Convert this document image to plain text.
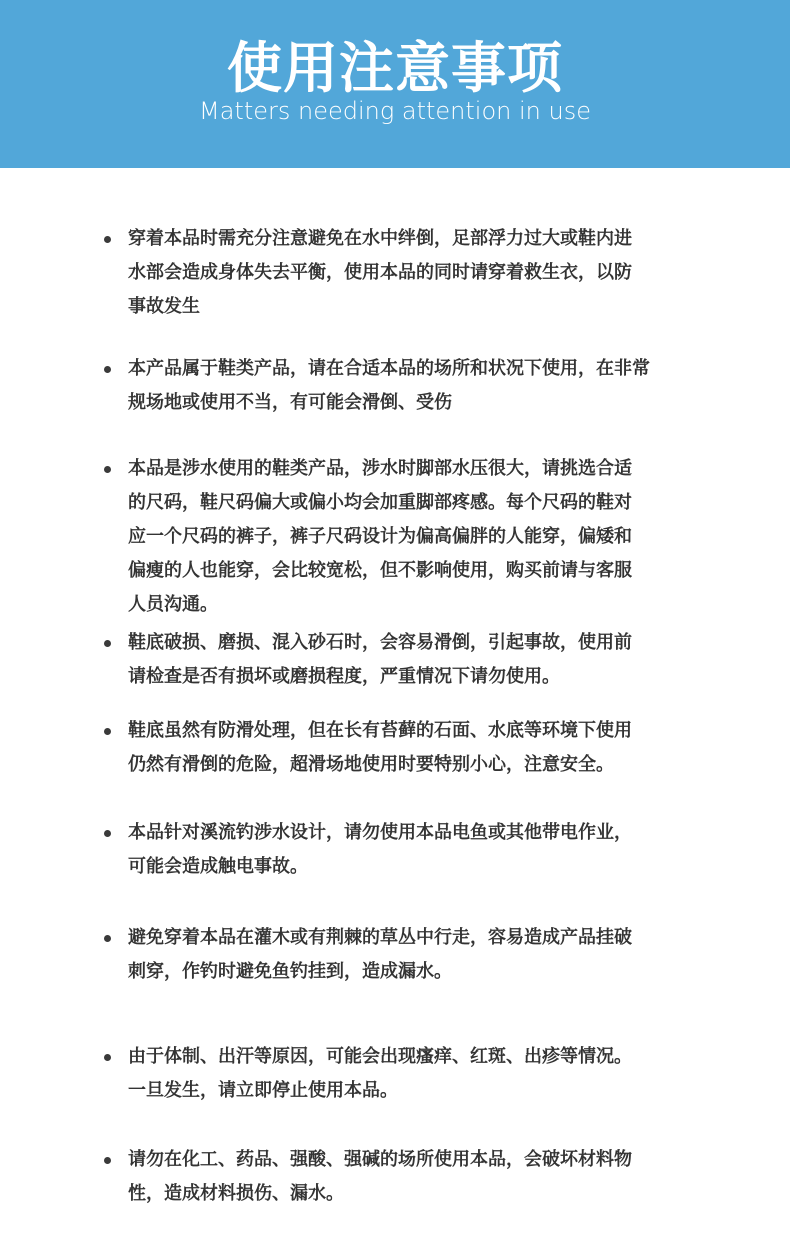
使用注意事项
Matters needing attention in use
穿着本品时需充分注意避免在水中绊倒，足部浮力过大或鞋内进
水部会造成身体失去平衡，使用本品的同时请穿着救生衣，以防
事故发生
本产品属于鞋类产品，请在合适本品的场所和状况下使用，在非常
规场地或使用不当，有可能会滑倒、受伤
本品是涉水使用的鞋类产品，涉水时脚部水压很大，请挑选合适
的尺码，鞋尺码偏大或偏小均会加重脚部疼感。每个尺码的鞋对
应一个尺码的裤子，裤子尺码设计为偏高偏胖的人能穿，偏矮和
偏瘦的人也能穿，会比较宽松，但不影响使用，购买前请与客服
人员沟通。
鞋底破损、磨损、混入砂石时，会容易滑倒，引起事故，使用前
请检查是否有损坏或磨损程度，严重情况下请勿使用。
鞋底虽然有防滑处理，但在长有苔藓的石面、水底等环境下使用
仍然有滑倒的危险，超滑场地使用时要特别小心，注意安全。
本品针对溪流钓涉水设计，请勿使用本品电鱼或其他带电作业，
可能会造成触电事故。
避免穿着本品在灌木或有荆棘的草丛中行走，容易造成产品挂破
刺穿，作钓时避免鱼钓挂到，造成漏水。
由于体制、出汗等原因，可能会出现瘙痒、红斑、出疹等情况。
一旦发生，请立即停止使用本品。
请勿在化工、药品、强酸、强碱的场所使用本品，会破坏材料物
性，造成材料损伤、漏水。
